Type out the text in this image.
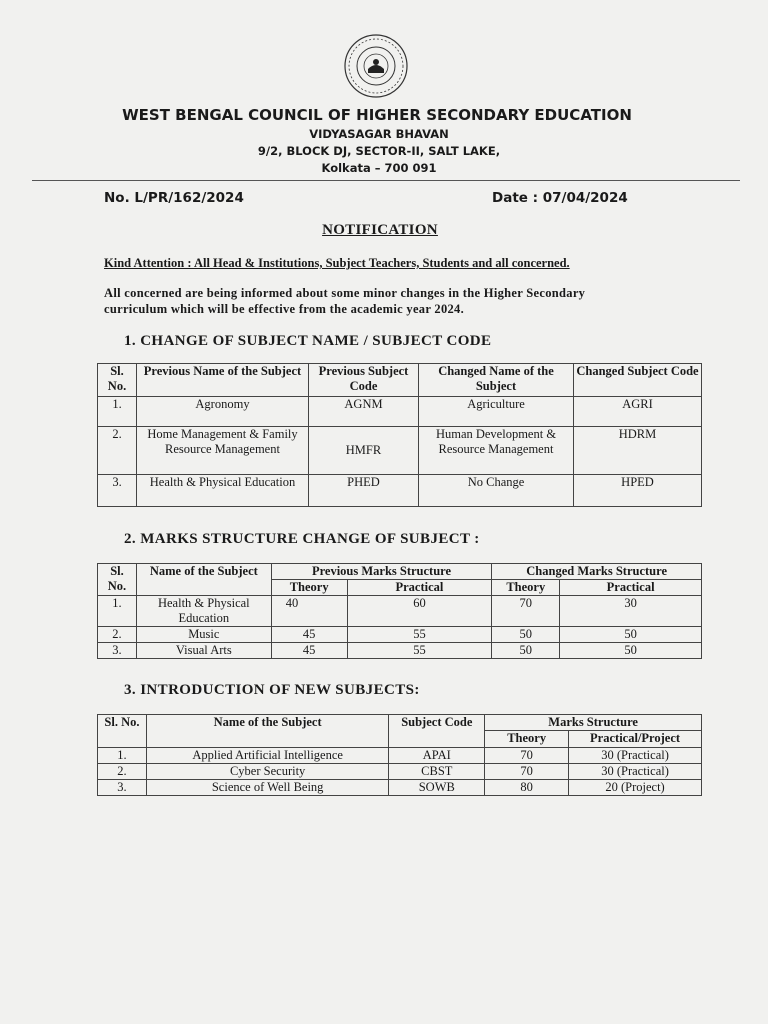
WEST BENGAL COUNCIL OF HIGHER SECONDARY EDUCATION
VIDYASAGAR BHAVAN
9/2, BLOCK DJ, SECTOR-II, SALT LAKE,
Kolkata – 700 091
No. L/PR/162/2024	Date : 07/04/2024
NOTIFICATION
Kind Attention : All Head & Institutions, Subject Teachers, Students and all concerned.
All concerned are being informed about some minor changes in the Higher Secondary
curriculum which will be effective from the academic year 2024.
1. CHANGE OF SUBJECT NAME / SUBJECT CODE
Sl. No.	Previous Name of the Subject	Previous Subject Code	Changed Name of the Subject	Changed Subject Code
1.	Agronomy	AGNM	Agriculture	AGRI
2.	Home Management & Family Resource Management	HMFR	Human Development & Resource Management	HDRM
3.	Health & Physical Education	PHED	No Change	HPED
2. MARKS STRUCTURE CHANGE OF SUBJECT :
Sl. No.	Name of the Subject	Previous Marks Structure		Changed Marks Structure	
		Theory	Practical	Theory	Practical
1.	Health & Physical Education	40	60	70	30
2.	Music	45	55	50	50
3.	Visual Arts	45	55	50	50
3. INTRODUCTION OF NEW SUBJECTS:
Sl. No.	Name of the Subject	Subject Code	Marks Structure	
			Theory	Practical/Project
1.	Applied Artificial Intelligence	APAI	70	30 (Practical)
2.	Cyber Security	CBST	70	30 (Practical)
3.	Science of Well Being	SOWB	80	20 (Project)
